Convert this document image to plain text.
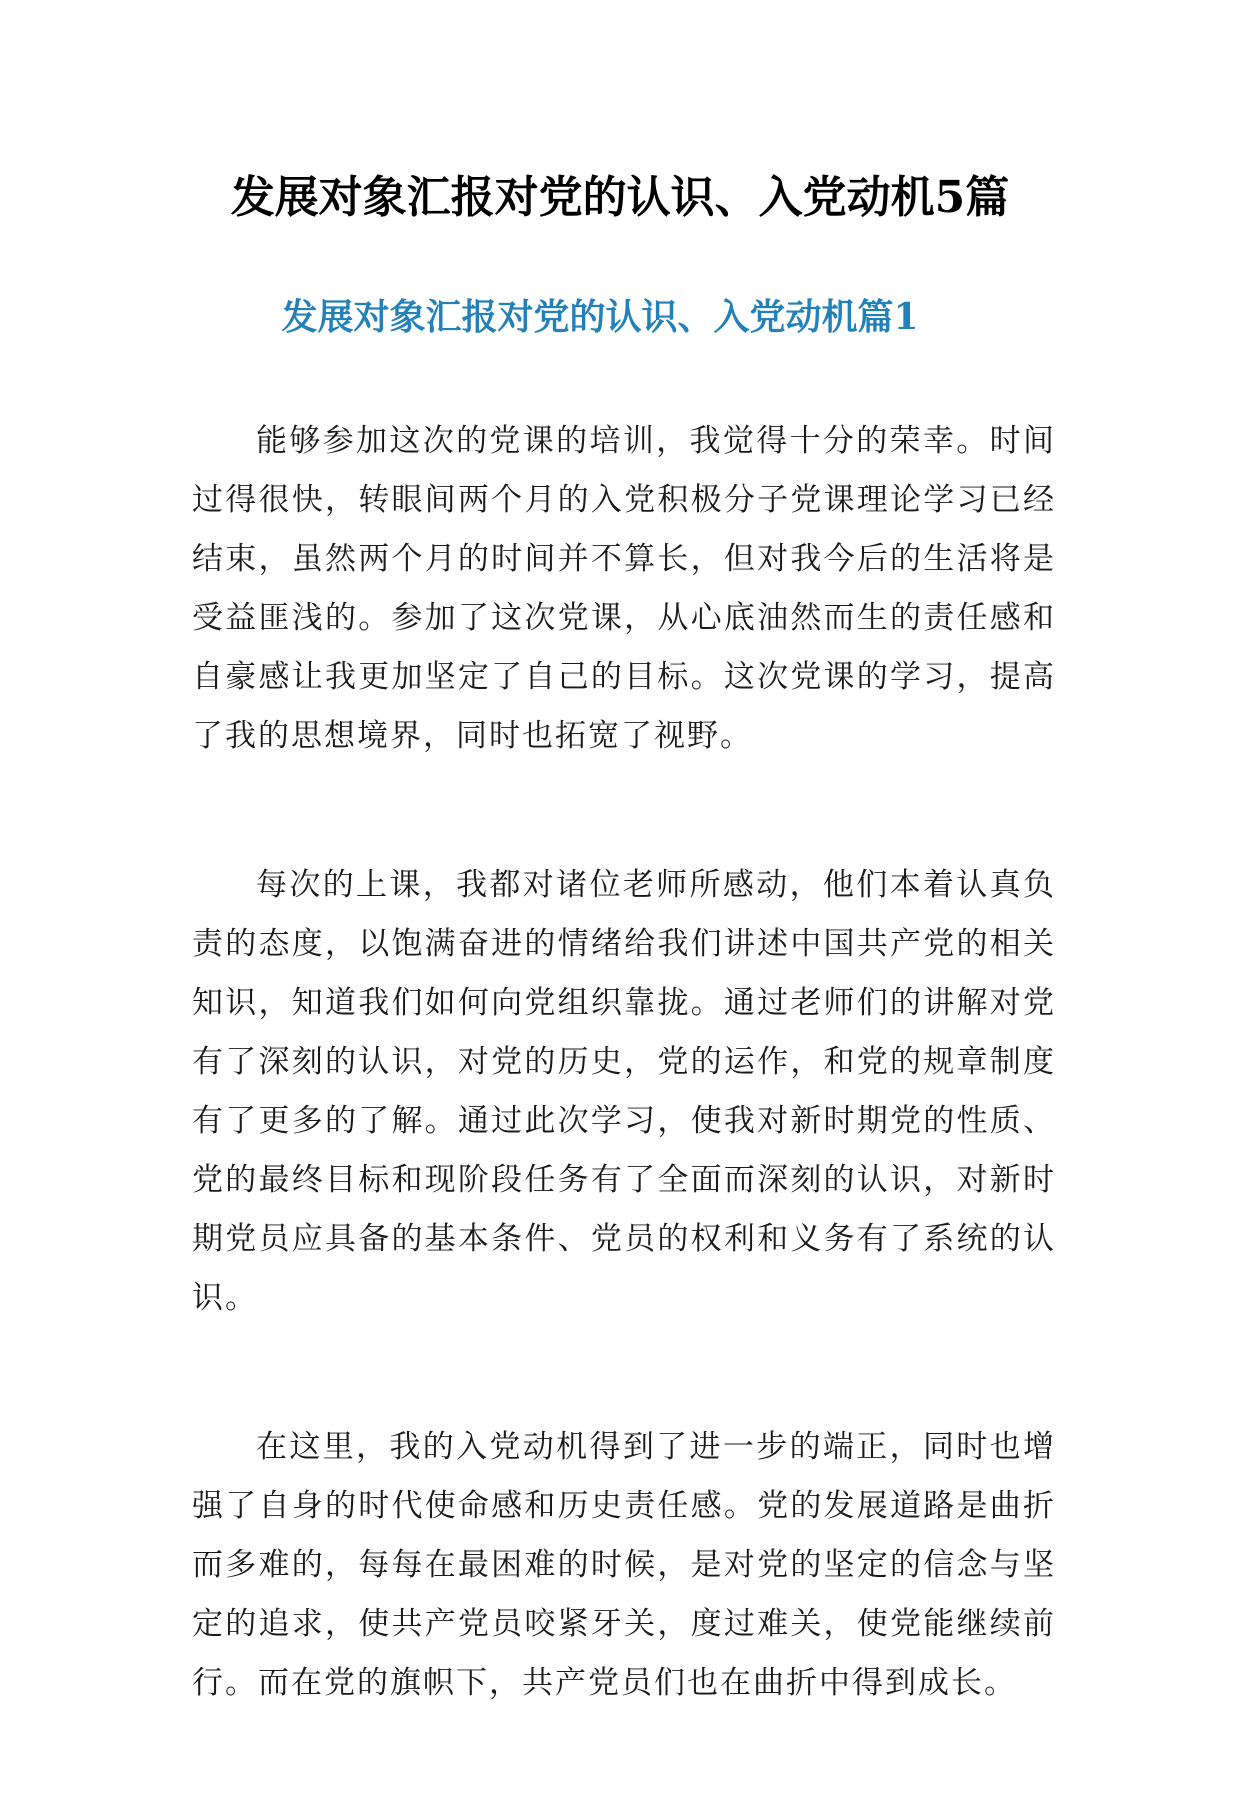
发展对象汇报对党的认识、入党动机5篇
发展对象汇报对党的认识、入党动机篇1

能够参加这次的党课的培训，我觉得十分的荣幸。时间过得很快，转眼间两个月的入党积极分子党课理论学习已经结束，虽然两个月的时间并不算长，但对我今后的生活将是受益匪浅的。参加了这次党课，从心底油然而生的责任感和自豪感让我更加坚定了自己的目标。这次党课的学习，提高了我的思想境界，同时也拓宽了视野。

每次的上课，我都对诸位老师所感动，他们本着认真负责的态度，以饱满奋进的情绪给我们讲述中国共产党的相关知识，知道我们如何向党组织靠拢。通过老师们的讲解对党有了深刻的认识，对党的历史，党的运作，和党的规章制度有了更多的了解。通过此次学习，使我对新时期党的性质、党的最终目标和现阶段任务有了全面而深刻的认识，对新时期党员应具备的基本条件、党员的权利和义务有了系统的认识。

在这里，我的入党动机得到了进一步的端正，同时也增强了自身的时代使命感和历史责任感。党的发展道路是曲折而多难的，每每在最困难的时候，是对党的坚定的信念与坚定的追求，使共产党员咬紧牙关，度过难关，使党能继续前行。而在党的旗帜下，共产党员们也在曲折中得到成长。
